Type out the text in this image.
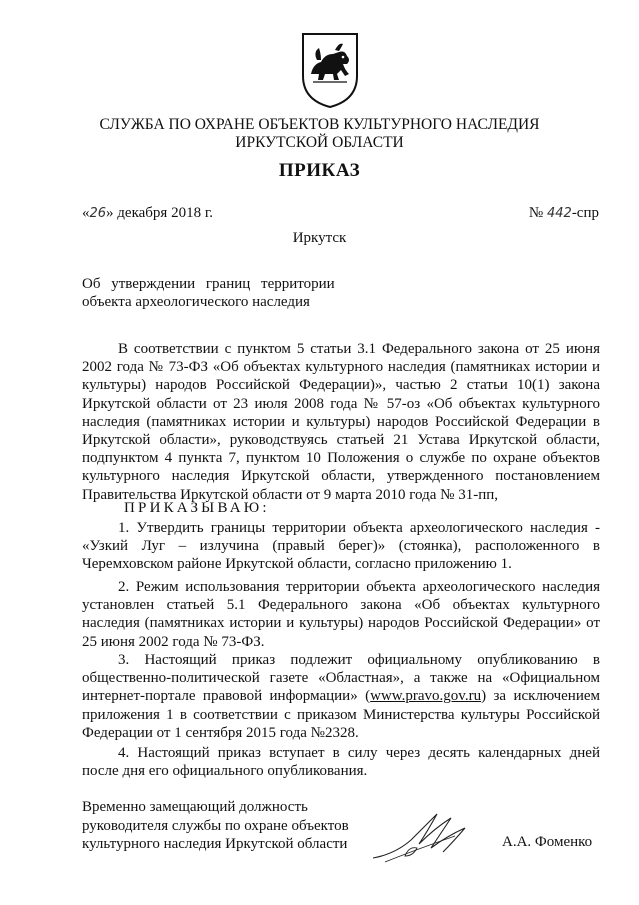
СЛУЖБА ПО ОХРАНЕ ОБЪЕКТОВ КУЛЬТУРНОГО НАСЛЕДИЯ
ИРКУТСКОЙ ОБЛАСТИ
ПРИКАЗ
«26» декабря 2018 г.	№ 442-спр
Иркутск
Об утверждении границ территории
объекта археологического наследия
В соответствии с пунктом 5 статьи 3.1 Федерального закона от 25 июня 2002 года № 73-ФЗ «Об объектах культурного наследия (памятниках истории и культуры) народов Российской Федерации)», частью 2 статьи 10(1) закона Иркутской области от 23 июля 2008 года № 57-оз «Об объектах культурного наследия (памятниках истории и культуры) народов Российской Федерации в Иркутской области», руководствуясь статьей 21 Устава Иркутской области, подпунктом 4 пункта 7, пунктом 10 Положения о службе по охране объектов культурного наследия Иркутской области, утвержденного постановлением Правительства Иркутской области от 9 марта 2010 года № 31-пп,
ПРИКАЗЫВАЮ:
1. Утвердить границы территории объекта археологического наследия - «Узкий Луг – излучина (правый берег)» (стоянка), расположенного в Черемховском районе Иркутской области, согласно приложению 1.
2. Режим использования территории объекта археологического наследия установлен статьей 5.1 Федерального закона «Об объектах культурного наследия (памятниках истории и культуры) народов Российской Федерации» от 25 июня 2002 года № 73-ФЗ.
3. Настоящий приказ подлежит официальному опубликованию в общественно-политической газете «Областная», а также на «Официальном интернет-портале правовой информации» (www.pravo.gov.ru) за исключением приложения 1 в соответствии с приказом Министерства культуры Российской Федерации от 1 сентября 2015 года №2328.
4. Настоящий приказ вступает в силу через десять календарных дней после дня его официального опубликования.
Временно замещающий должность
руководителя службы по охране объектов
культурного наследия Иркутской области	А.А. Фоменко
